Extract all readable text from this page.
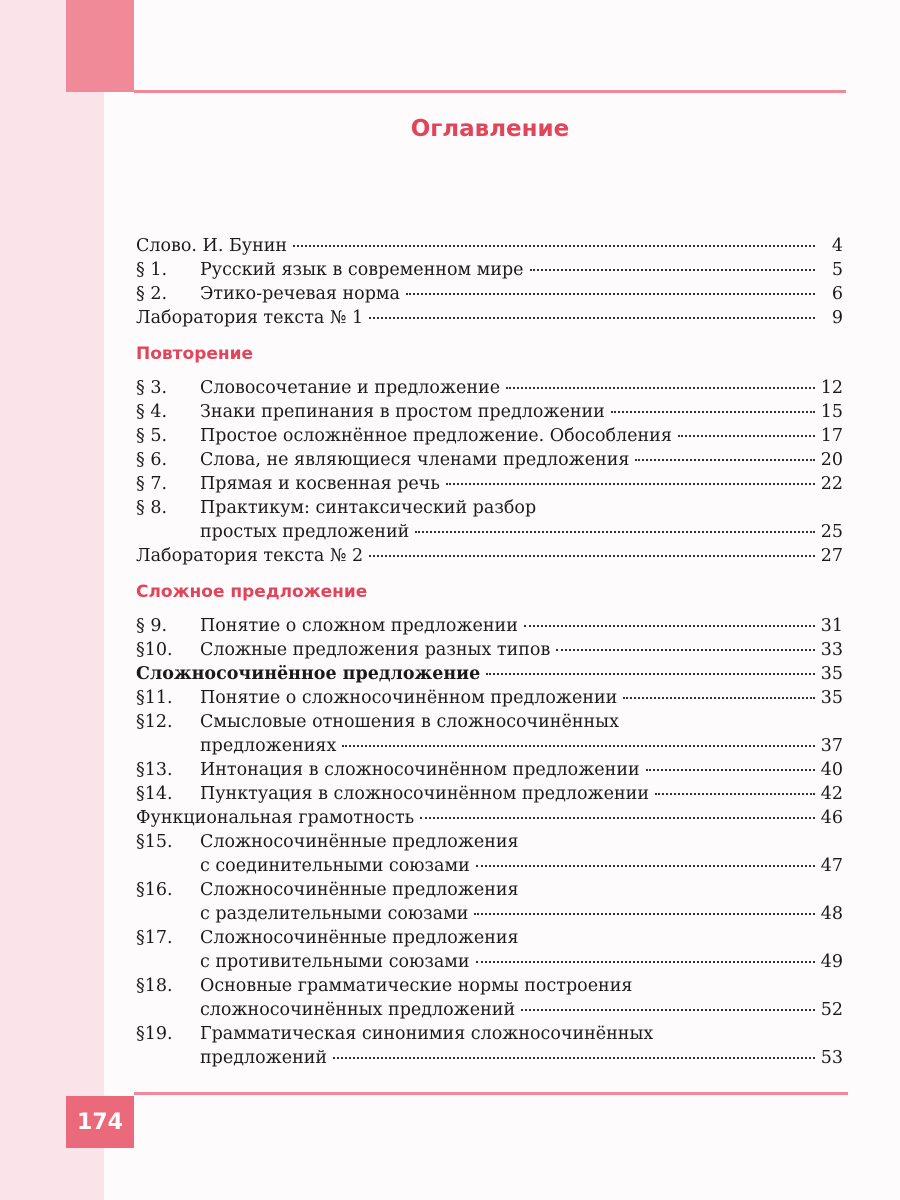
Оглавление
Слово. И. Бунин	4
§ 1.	Русский язык в современном мире	5
§ 2.	Этико-речевая норма	6
Лаборатория текста № 1	9
Повторение
§ 3.	Словосочетание и предложение	12
§ 4.	Знаки препинания в простом предложении	15
§ 5.	Простое осложнённое предложение. Обособления	17
§ 6.	Слова, не являющиеся членами предложения	20
§ 7.	Прямая и косвенная речь	22
§ 8.	Практикум: синтаксический разбор
простых предложений	25
Лаборатория текста № 2	27
Сложное предложение
§ 9.	Понятие о сложном предложении	31
§10.	Сложные предложения разных типов	33
Сложносочинённое предложение	35
§11.	Понятие о сложносочинённом предложении	35
§12.	Смысловые отношения в сложносочинённых
предложениях	37
§13.	Интонация в сложносочинённом предложении	40
§14.	Пунктуация в сложносочинённом предложении	42
Функциональная грамотность	46
§15.	Сложносочинённые предложения
с соединительными союзами	47
§16.	Сложносочинённые предложения
с разделительными союзами	48
§17.	Сложносочинённые предложения
с противительными союзами	49
§18.	Основные грамматические нормы построения
сложносочинённых предложений	52
§19.	Грамматическая синонимия сложносочинённых
предложений	53
174
